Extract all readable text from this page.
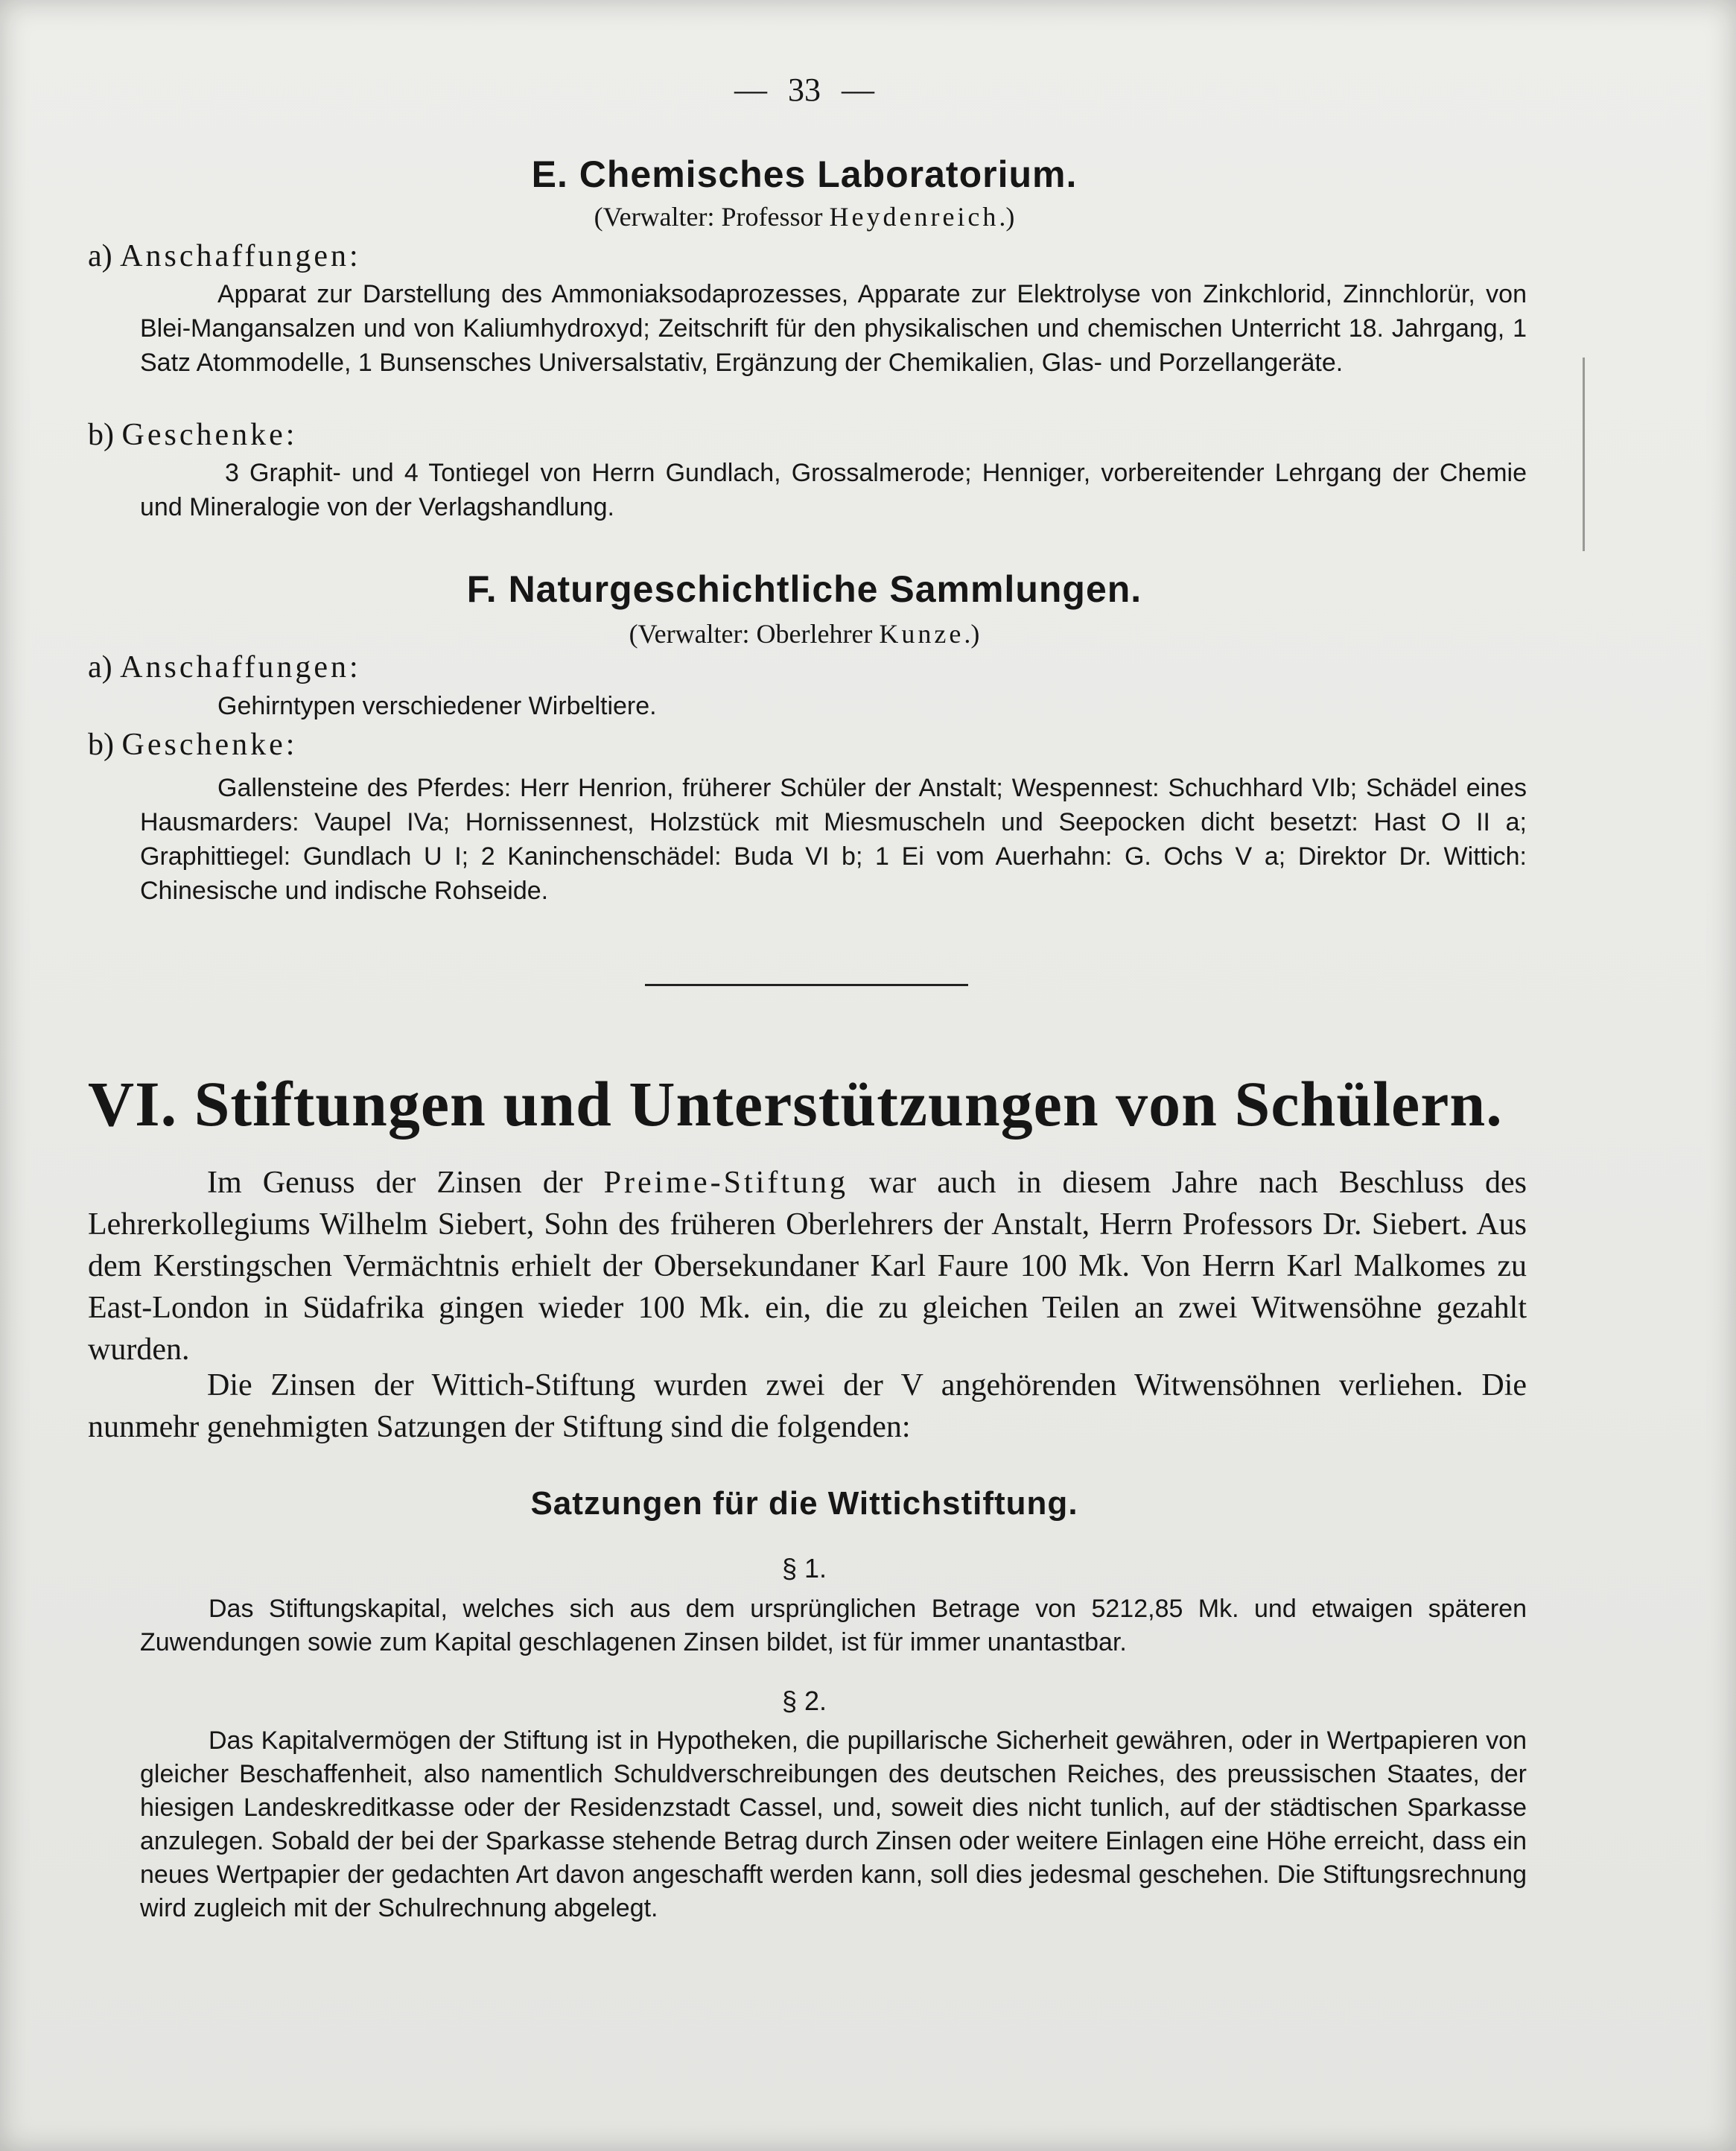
— 33 —
E. Chemisches Laboratorium.
(Verwalter: Professor Heydenreich.)
a) Anschaffungen:
Apparat zur Darstellung des Ammoniaksodaprozesses, Apparate zur Elektrolyse von Zinkchlorid, Zinnchlorür, von Blei-Mangansalzen und von Kaliumhydroxyd; Zeitschrift für den physikalischen und chemischen Unterricht 18. Jahrgang, 1 Satz Atommodelle, 1 Bunsensches Universalstativ, Ergänzung der Chemikalien, Glas- und Porzellangeräte.
b) Geschenke:
3 Graphit- und 4 Tontiegel von Herrn Gundlach, Grossalmerode; Henniger, vorbereitender Lehrgang der Chemie und Mineralogie von der Verlagshandlung.
F. Naturgeschichtliche Sammlungen.
(Verwalter: Oberlehrer Kunze.)
a) Anschaffungen:
Gehirntypen verschiedener Wirbeltiere.
b) Geschenke:
Gallensteine des Pferdes: Herr Henrion, früherer Schüler der Anstalt; Wespennest: Schuchhard VIb; Schädel eines Hausmarders: Vaupel IVa; Hornissennest, Holzstück mit Miesmuscheln und Seepocken dicht besetzt: Hast O II a; Graphittiegel: Gundlach U I; 2 Kaninchenschädel: Buda VI b; 1 Ei vom Auerhahn: G. Ochs V a; Direktor Dr. Wittich: Chinesische und indische Rohseide.
VI. Stiftungen und Unterstützungen von Schülern.
Im Genuss der Zinsen der Preime-Stiftung war auch in diesem Jahre nach Beschluss des Lehrerkollegiums Wilhelm Siebert, Sohn des früheren Oberlehrers der Anstalt, Herrn Professors Dr. Siebert. Aus dem Kerstingschen Vermächtnis erhielt der Obersekundaner Karl Faure 100 Mk. Von Herrn Karl Malkomes zu East-London in Südafrika gingen wieder 100 Mk. ein, die zu gleichen Teilen an zwei Witwensöhne gezahlt wurden.
Die Zinsen der Wittich-Stiftung wurden zwei der V angehörenden Witwensöhnen verliehen. Die nunmehr genehmigten Satzungen der Stiftung sind die folgenden:
Satzungen für die Wittichstiftung.
§ 1.
Das Stiftungskapital, welches sich aus dem ursprünglichen Betrage von 5212,85 Mk. und etwaigen späteren Zuwendungen sowie zum Kapital geschlagenen Zinsen bildet, ist für immer unantastbar.
§ 2.
Das Kapitalvermögen der Stiftung ist in Hypotheken, die pupillarische Sicherheit gewähren, oder in Wertpapieren von gleicher Beschaffenheit, also namentlich Schuldverschreibungen des deutschen Reiches, des preussischen Staates, der hiesigen Landeskreditkasse oder der Residenzstadt Cassel, und, soweit dies nicht tunlich, auf der städtischen Sparkasse anzulegen. Sobald der bei der Sparkasse stehende Betrag durch Zinsen oder weitere Einlagen eine Höhe erreicht, dass ein neues Wertpapier der gedachten Art davon angeschafft werden kann, soll dies jedesmal geschehen. Die Stiftungsrechnung wird zugleich mit der Schulrechnung abgelegt.
